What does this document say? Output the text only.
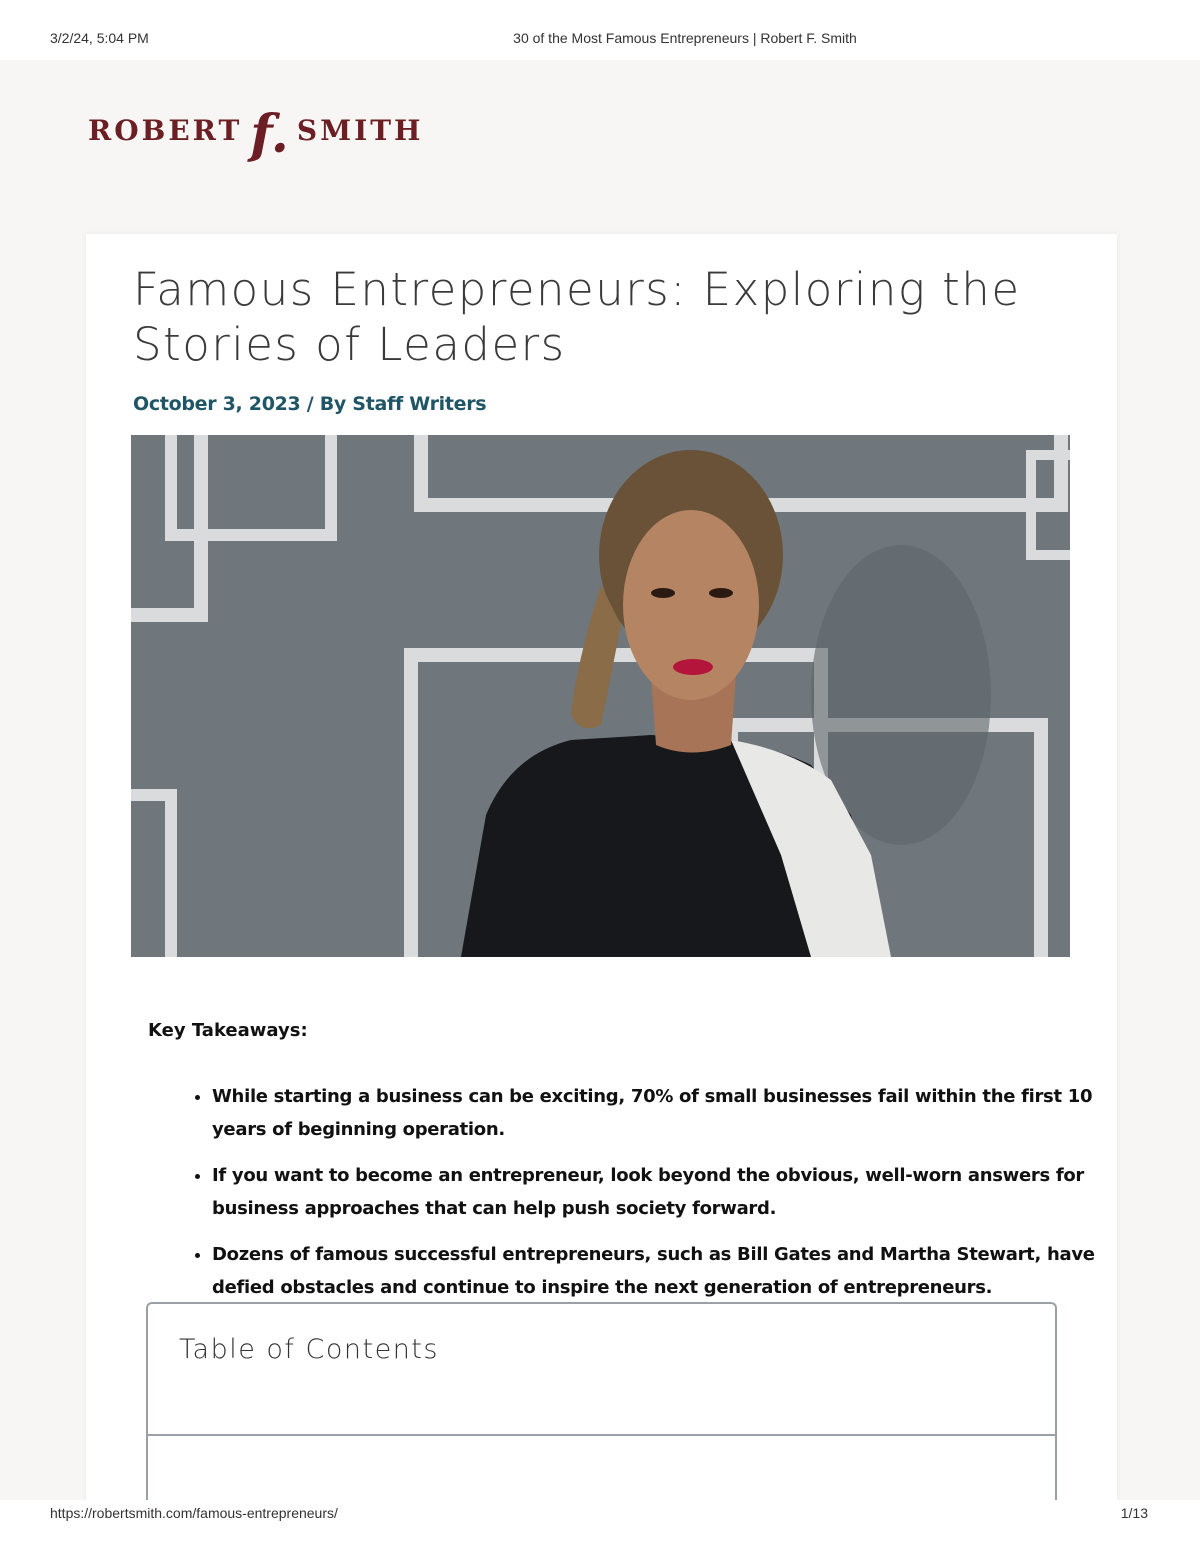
3/2/24, 5:04 PM	30 of the Most Famous Entrepreneurs | Robert F. Smith
ROBERT f. SMITH
Famous Entrepreneurs: Exploring the Stories of Leaders
October 3, 2023 / By Staff Writers
Key Takeaways:
• While starting a business can be exciting, 70% of small businesses fail within the first 10 years of beginning operation.
• If you want to become an entrepreneur, look beyond the obvious, well-worn answers for business approaches that can help push society forward.
• Dozens of famous successful entrepreneurs, such as Bill Gates and Martha Stewart, have defied obstacles and continue to inspire the next generation of entrepreneurs.
Table of Contents
https://robertsmith.com/famous-entrepreneurs/	1/13
